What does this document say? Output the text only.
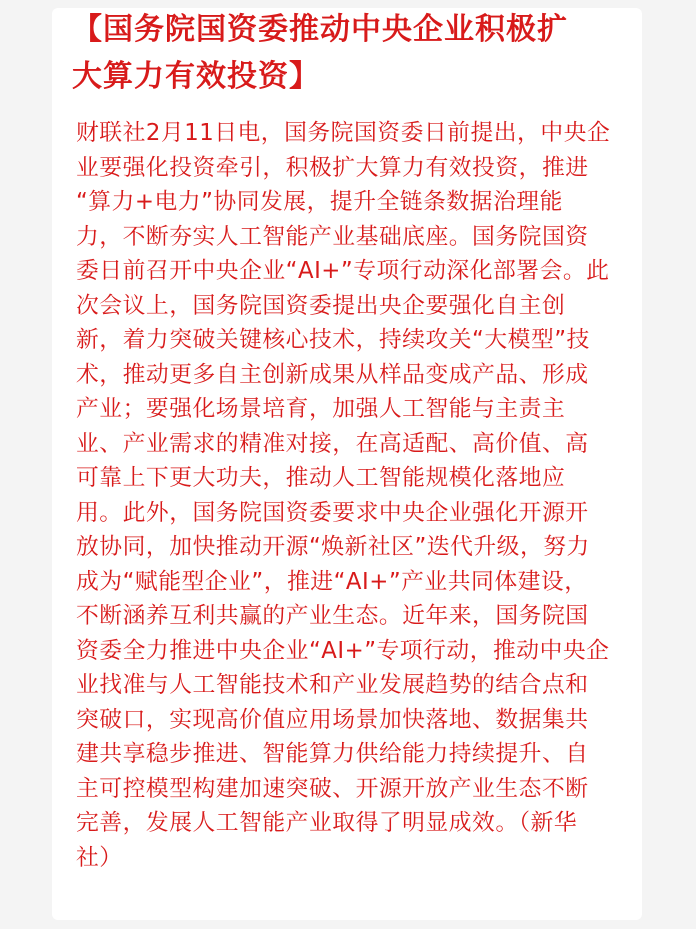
【国务院国资委推动中央企业积极扩
大算力有效投资】
财联社2月11日电，国务院国资委日前提出，中央企
业要强化投资牵引，积极扩大算力有效投资，推进
“算力+电力”协同发展，提升全链条数据治理能
力，不断夯实人工智能产业基础底座。国务院国资
委日前召开中央企业“AI+”专项行动深化部署会。此
次会议上，国务院国资委提出央企要强化自主创
新，着力突破关键核心技术，持续攻关“大模型”技
术，推动更多自主创新成果从样品变成产品、形成
产业；要强化场景培育，加强人工智能与主责主
业、产业需求的精准对接，在高适配、高价值、高
可靠上下更大功夫，推动人工智能规模化落地应
用。此外，国务院国资委要求中央企业强化开源开
放协同，加快推动开源“焕新社区”迭代升级，努力
成为“赋能型企业”，推进“AI+”产业共同体建设，
不断涵养互利共赢的产业生态。近年来，国务院国
资委全力推进中央企业“AI+”专项行动，推动中央企
业找准与人工智能技术和产业发展趋势的结合点和
突破口，实现高价值应用场景加快落地、数据集共
建共享稳步推进、智能算力供给能力持续提升、自
主可控模型构建加速突破、开源开放产业生态不断
完善，发展人工智能产业取得了明显成效。（新华
社）
